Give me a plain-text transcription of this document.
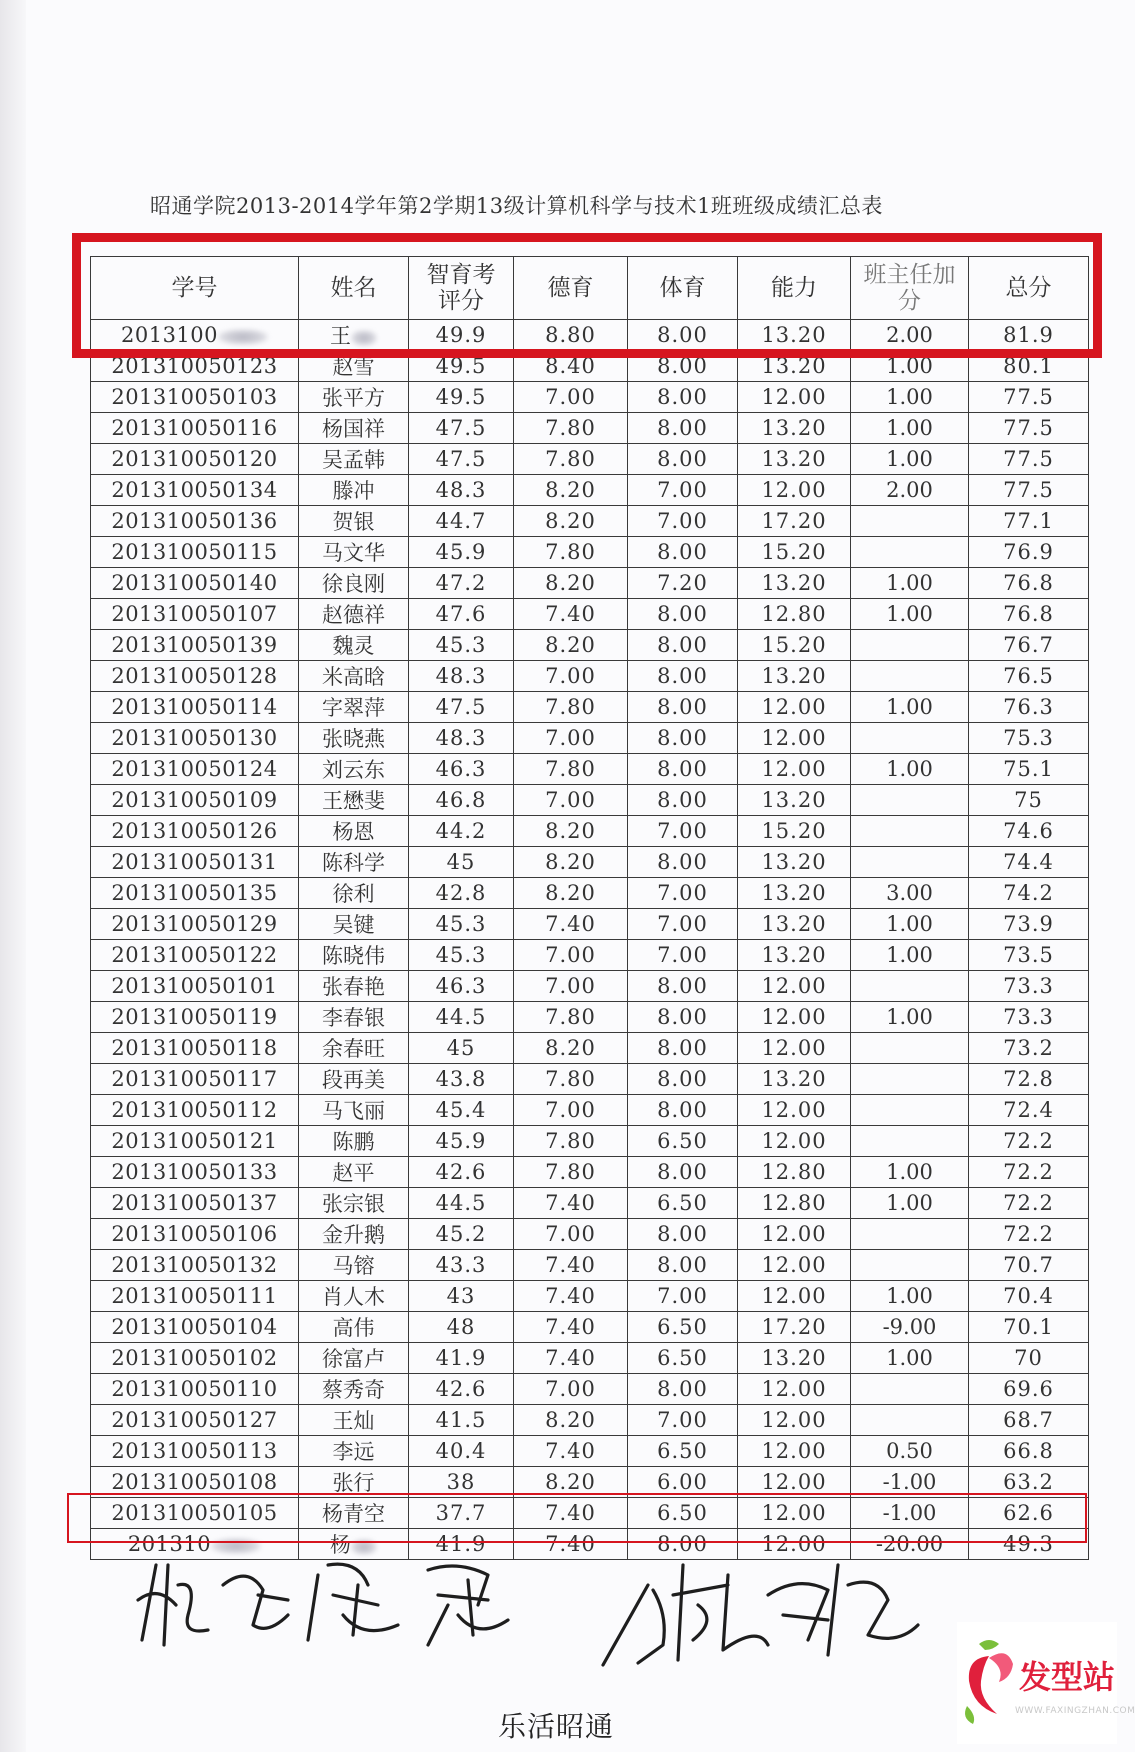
昭通学院2013-2014学年第2学期13级计算机科学与技术1班班级成绩汇总表
学号	姓名	智育考评分	德育	体育	能力	班主任加分	总分
2013100	王	49.9	8.80	8.00	13.20	2.00	81.9
201310050123	赵雪	49.5	8.40	8.00	13.20	1.00	80.1
201310050103	张平方	49.5	7.00	8.00	12.00	1.00	77.5
201310050116	杨国祥	47.5	7.80	8.00	13.20	1.00	77.5
201310050120	吴孟韩	47.5	7.80	8.00	13.20	1.00	77.5
201310050134	滕冲	48.3	8.20	7.00	12.00	2.00	77.5
201310050136	贺银	44.7	8.20	7.00	17.20		77.1
201310050115	马文华	45.9	7.80	8.00	15.20		76.9
201310050140	徐良刚	47.2	8.20	7.20	13.20	1.00	76.8
201310050107	赵德祥	47.6	7.40	8.00	12.80	1.00	76.8
201310050139	魏灵	45.3	8.20	8.00	15.20		76.7
201310050128	米高晗	48.3	7.00	8.00	13.20		76.5
201310050114	字翠萍	47.5	7.80	8.00	12.00	1.00	76.3
201310050130	张晓燕	48.3	7.00	8.00	12.00		75.3
201310050124	刘云东	46.3	7.80	8.00	12.00	1.00	75.1
201310050109	王懋斐	46.8	7.00	8.00	13.20		75
201310050126	杨恩	44.2	8.20	7.00	15.20		74.6
201310050131	陈科学	45	8.20	8.00	13.20		74.4
201310050135	徐利	42.8	8.20	7.00	13.20	3.00	74.2
201310050129	吴键	45.3	7.40	7.00	13.20	1.00	73.9
201310050122	陈晓伟	45.3	7.00	7.00	13.20	1.00	73.5
201310050101	张春艳	46.3	7.00	8.00	12.00		73.3
201310050119	李春银	44.5	7.80	8.00	12.00	1.00	73.3
201310050118	余春旺	45	8.20	8.00	12.00		73.2
201310050117	段再美	43.8	7.80	8.00	13.20		72.8
201310050112	马飞丽	45.4	7.00	8.00	12.00		72.4
201310050121	陈鹏	45.9	7.80	6.50	12.00		72.2
201310050133	赵平	42.6	7.80	8.00	12.80	1.00	72.2
201310050137	张宗银	44.5	7.40	6.50	12.80	1.00	72.2
201310050106	金升鹅	45.2	7.00	8.00	12.00		72.2
201310050132	马镕	43.3	7.40	8.00	12.00		70.7
201310050111	肖人木	43	7.40	7.00	12.00	1.00	70.4
201310050104	高伟	48	7.40	6.50	17.20	-9.00	70.1
201310050102	徐富卢	41.9	7.40	6.50	13.20	1.00	70
201310050110	蔡秀奇	42.6	7.00	8.00	12.00		69.6
201310050127	王灿	41.5	8.20	7.00	12.00		68.7
201310050113	李远	40.4	7.40	6.50	12.00	0.50	66.8
201310050108	张行	38	8.20	6.00	12.00	-1.00	63.2
201310050105	杨青空	37.7	7.40	6.50	12.00	-1.00	62.6
201310	杨	41.9	7.40	8.00	12.00	-20.00	49.3
乐活昭通
发型站
WWW.FAXINGZHAN.COM
